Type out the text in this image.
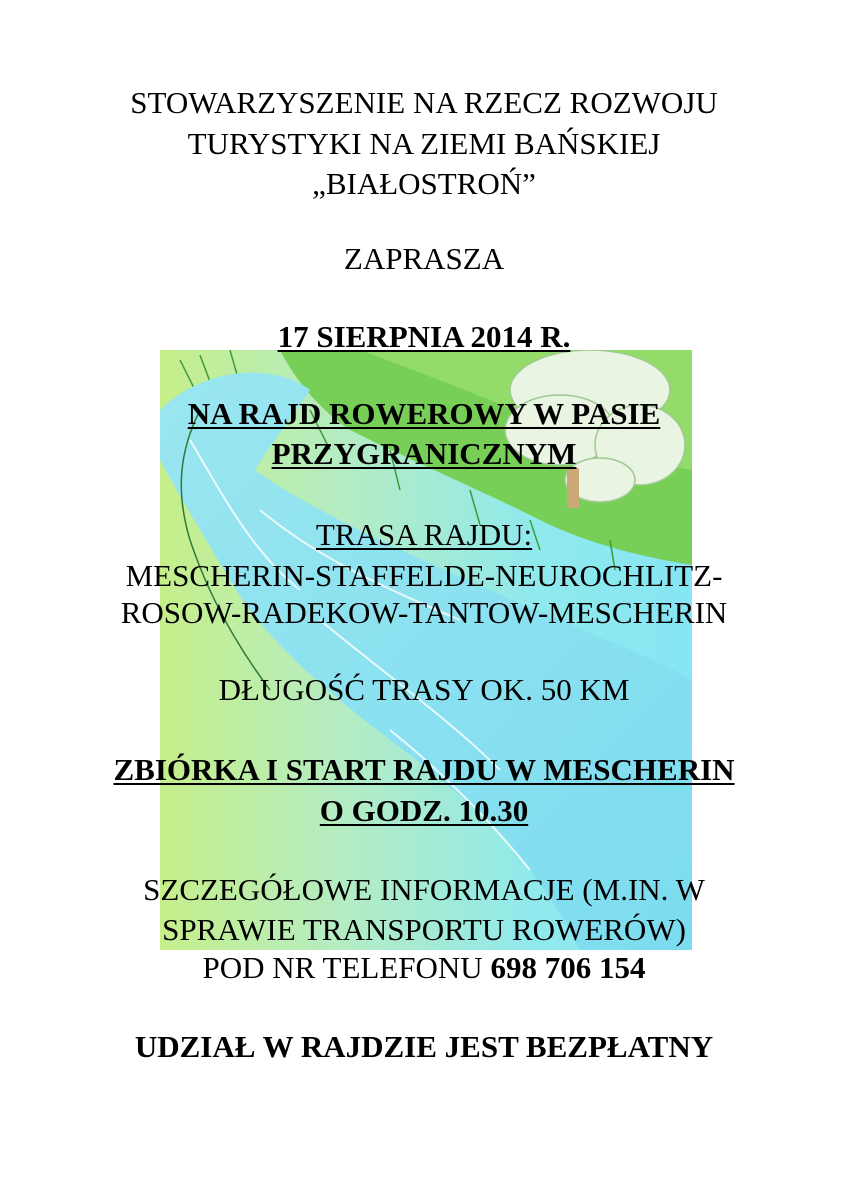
STOWARZYSZENIE NA RZECZ ROZWOJU
TURYSTYKI NA ZIEMI BAŃSKIEJ
„BIAŁOSTROŃ”
ZAPRASZA
17 SIERPNIA 2014 R.
NA RAJD ROWEROWY W PASIE
PRZYGRANICZNYM
TRASA RAJDU:
MESCHERIN-STAFFELDE-NEUROCHLITZ-
ROSOW-RADEKOW-TANTOW-MESCHERIN
DŁUGOŚĆ TRASY OK. 50 KM
ZBIÓRKA I START RAJDU W MESCHERIN
O GODZ. 10.30
SZCZEGÓŁOWE INFORMACJE (M.IN. W
SPRAWIE TRANSPORTU ROWERÓW)
POD NR TELEFONU 698 706 154
UDZIAŁ W RAJDZIE JEST BEZPŁATNY
